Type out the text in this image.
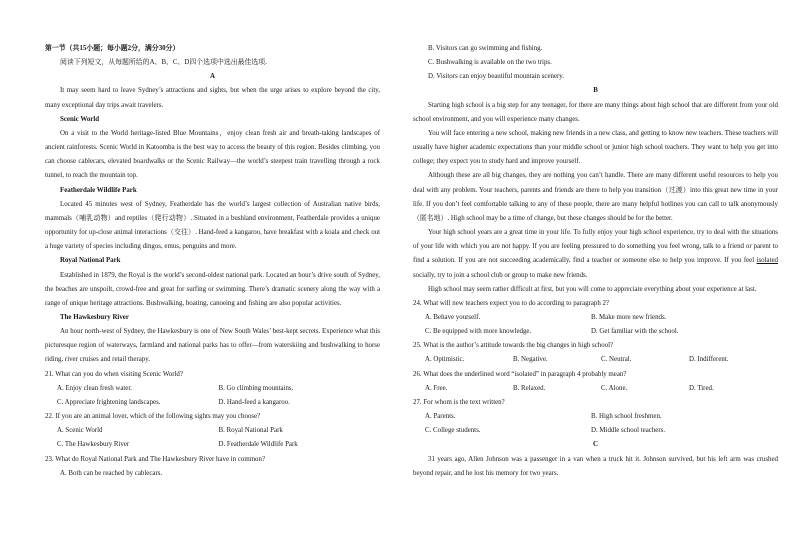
第一节（共15小题；每小题2分，满分30分）

阅读下列短文，从每题所给的A、B、C、D四个选项中选出最佳选项.

A

It may seem hard to leave Sydney’s attractions and sights, but when the urge arises to explore beyond the city, many exceptional day trips await travelers.

Scenic World

On a visit to the World heritage-listed Blue Mountains，enjoy clean fresh air and breath-taking landscapes of ancient rainforests. Scenic World in Katoomba is the best way to access the beauty of this region. Besides climbing, you can choose cablecars, elevated boardwalks or the Scenic Railway—the world’s steepest train travelling through a rock tunnel, to reach the mountain top.

Featherdale Wildlife Park

Located 45 minutes west of Sydney, Featherdale has the world’s largest collection of Australian native birds, mammals（哺乳动物）and reptiles（爬行动物）. Situated in a bushland environment, Featherdale provides a unique opportunity for up-close animal interactions（交往）. Hand-feed a kangaroo, have breakfast with a koala and check out a huge variety of species including dingos, emus, penguins and more.

Royal National Park

Established in 1879, the Royal is the world’s second-oldest national park. Located an hour’s drive south of Sydney, the beaches are unspoilt, crowd-free and great for surfing or swimming. There’s dramatic scenery along the way with a range of unique heritage attractions. Bushwalking, boating, canoeing and fishing are also popular activities.

The Hawkesbury River

An hour north-west of Sydney, the Hawkesbury is one of New South Wales’ best-kept secrets. Experience what this picturesque region of waterways, farmland and national parks has to offer—from waterskiing and bushwalking to horse riding, river cruises and retail therapy.

21. What can you do when visiting Scenic World?

A. Enjoy clean fresh water.	B. Go climbing mountains.
C. Appreciate frightening landscapes.	D. Hand-feed a kangaroo.

22. If you are an animal lover, which of the following sights may you choose?

A. Scenic World	B. Royal National Park
C. The Hawkesbury River	D. Featherdale Wildlife Park

23. What do Royal National Park and The Hawkesbury River have in common?

A. Both can be reached by cablecars.

B. Visitors can go swimming and fishing.

C. Bushwalking is available on the two trips.

D. Visitors can enjoy beautiful mountain scenery.

B

Starting high school is a big step for any teenager, for there are many things about high school that are different from your old school environment, and you will experience many changes.

You will face entering a new school, making new friends in a new class, and getting to know new teachers. These teachers will usually have higher academic expectations than your middle school or junior high school teachers. They want to help you get into college; they expect you to study hard and improve yourself.

Although these are all big changes, they are nothing you can’t handle. There are many different useful resources to help you deal with any problem. Your teachers, parents and friends are there to help you transition（过渡）into this great new time in your life. If you don’t feel comfortable talking to any of these people, there are many helpful hotlines you can call to talk anonymously（匿名地）. High school may be a time of change, but these changes should be for the better.

Your high school years are a great time in your life. To fully enjoy your high school experience, try to deal with the situations of your life with which you are not happy. If you are feeling pressured to do something you feel wrong, talk to a friend or parent to find a solution. If you are not succeeding academically, find a teacher or someone else to help you improve. If you feel isolated socially, try to join a school club or group to make new friends.

High school may seem rather difficult at first, but you will come to appreciate everything about your experience at last.

24. What will new teachers expect you to do according to paragraph 2?

A. Behave yourself.	B. Make more new friends.
C. Be equipped with more knowledge.	D. Get familiar with the school.

25. What is the author’s attitude towards the big changes in high school?

A. Optimistic.	B. Negative.	C. Neutral.	D. Indifferent.

26. What does the underlined word “isolated” in paragraph 4 probably mean?

A. Free.	B. Relaxed.	C. Alone.	D. Tired.

27. For whom is the text written?

A. Parents.	B. High school freshmen.
C. College students.	D. Middle school teachers.

C

31 years ago, Allen Johnson was a passenger in a van when a truck hit it. Johnson survived, but his left arm was crushed beyond repair, and he lost his memory for two years.
